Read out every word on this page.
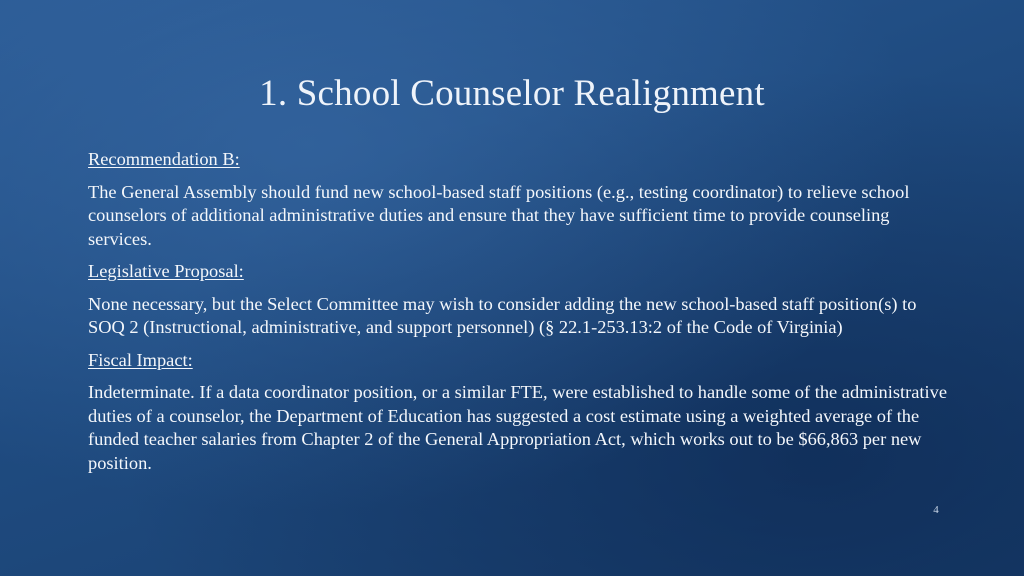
1. School Counselor Realignment
Recommendation B:
The General Assembly should fund new school-based staff positions (e.g., testing coordinator) to relieve school counselors of additional administrative duties and ensure that they have sufficient time to provide counseling services.
Legislative Proposal:
None necessary, but the Select Committee may wish to consider adding the new school-based staff position(s) to SOQ 2 (Instructional, administrative, and support personnel) (§ 22.1-253.13:2 of the Code of Virginia)
Fiscal Impact:
Indeterminate. If a data coordinator position, or a similar FTE, were established to handle some of the administrative duties of a counselor, the Department of Education has suggested a cost estimate using a weighted average of the funded teacher salaries from Chapter 2 of the General Appropriation Act, which works out to be $66,863 per new position.
4
